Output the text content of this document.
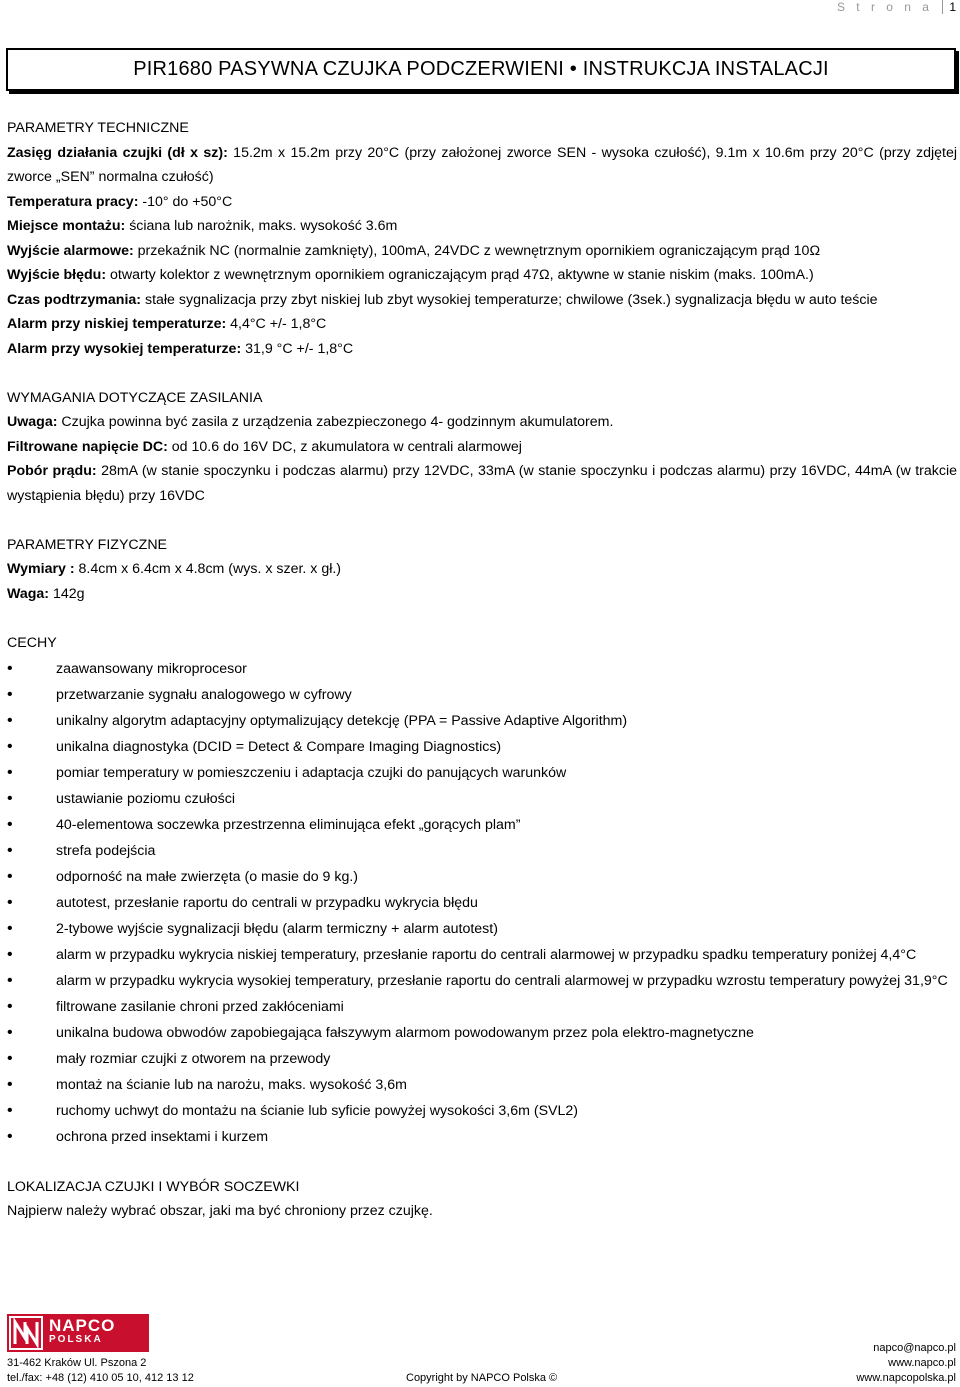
S t r o n a 1
PIR1680 PASYWNA CZUJKA PODCZERWIENI • INSTRUKCJA INSTALACJI
PARAMETRY TECHNICZNE
Zasięg działania czujki (dł x sz): 15.2m x 15.2m przy 20°C (przy założonej zworce SEN - wysoka czułość), 9.1m x 10.6m przy 20°C (przy zdjętej zworce „SEN” normalna czułość)
Temperatura pracy: -10° do +50°C
Miejsce montażu: ściana lub narożnik, maks. wysokość 3.6m
Wyjście alarmowe: przekaźnik NC (normalnie zamknięty), 100mA, 24VDC z wewnętrznym opornikiem ograniczającym prąd 10Ω
Wyjście błędu: otwarty kolektor z wewnętrznym opornikiem ograniczającym prąd 47Ω, aktywne w stanie niskim (maks. 100mA.)
Czas podtrzymania: stałe sygnalizacja przy zbyt niskiej lub zbyt wysokiej temperaturze; chwilowe (3sek.) sygnalizacja błędu w auto teście
Alarm przy niskiej temperaturze: 4,4°C +/- 1,8°C
Alarm przy wysokiej temperaturze: 31,9 °C +/- 1,8°C
WYMAGANIA DOTYCZĄCE ZASILANIA
Uwaga: Czujka powinna być zasila z urządzenia zabezpieczonego 4- godzinnym akumulatorem.
Filtrowane napięcie DC: od 10.6 do 16V DC, z akumulatora w centrali alarmowej
Pobór prądu: 28mA (w stanie spoczynku i podczas alarmu) przy 12VDC, 33mA (w stanie spoczynku i podczas alarmu) przy 16VDC, 44mA (w trakcie wystąpienia błędu) przy 16VDC
PARAMETRY FIZYCZNE
Wymiary : 8.4cm x 6.4cm x 4.8cm (wys. x szer. x gł.)
Waga: 142g
CECHY
• zaawansowany mikroprocesor
• przetwarzanie sygnału analogowego w cyfrowy
• unikalny algorytm adaptacyjny optymalizujący detekcję (PPA = Passive Adaptive Algorithm)
• unikalna diagnostyka (DCID = Detect & Compare Imaging Diagnostics)
• pomiar temperatury w pomieszczeniu i adaptacja czujki do panujących warunków
• ustawianie poziomu czułości
• 40-elementowa soczewka przestrzenna eliminująca efekt „gorących plam”
• strefa podejścia
• odporność na małe zwierzęta (o masie do 9 kg.)
• autotest, przesłanie raportu do centrali w przypadku wykrycia błędu
• 2-tybowe wyjście sygnalizacji błędu (alarm termiczny + alarm autotest)
• alarm w przypadku wykrycia niskiej temperatury, przesłanie raportu do centrali alarmowej w przypadku spadku temperatury poniżej 4,4°C
• alarm w przypadku wykrycia wysokiej temperatury, przesłanie raportu do centrali alarmowej w przypadku wzrostu temperatury powyżej 31,9°C
• filtrowane zasilanie chroni przed zakłóceniami
• unikalna budowa obwodów zapobiegająca fałszywym alarmom powodowanym przez pola elektro-magnetyczne
• mały rozmiar czujki z otworem na przewody
• montaż na ścianie lub na narożu, maks. wysokość 3,6m
• ruchomy uchwyt do montażu na ścianie lub syficie powyżej wysokości 3,6m (SVL2)
• ochrona przed insektami i kurzem
LOKALIZACJA CZUJKI I WYBÓR SOCZEWKI
Najpierw należy wybrać obszar, jaki ma być chroniony przez czujkę.
NAPCO
POLSKA
31-462 Kraków Ul. Pszona 2
tel./fax: +48 (12) 410 05 10, 412 13 12	Copyright by NAPCO Polska ©
napco@napco.pl
www.napco.pl
www.napcopolska.pl
